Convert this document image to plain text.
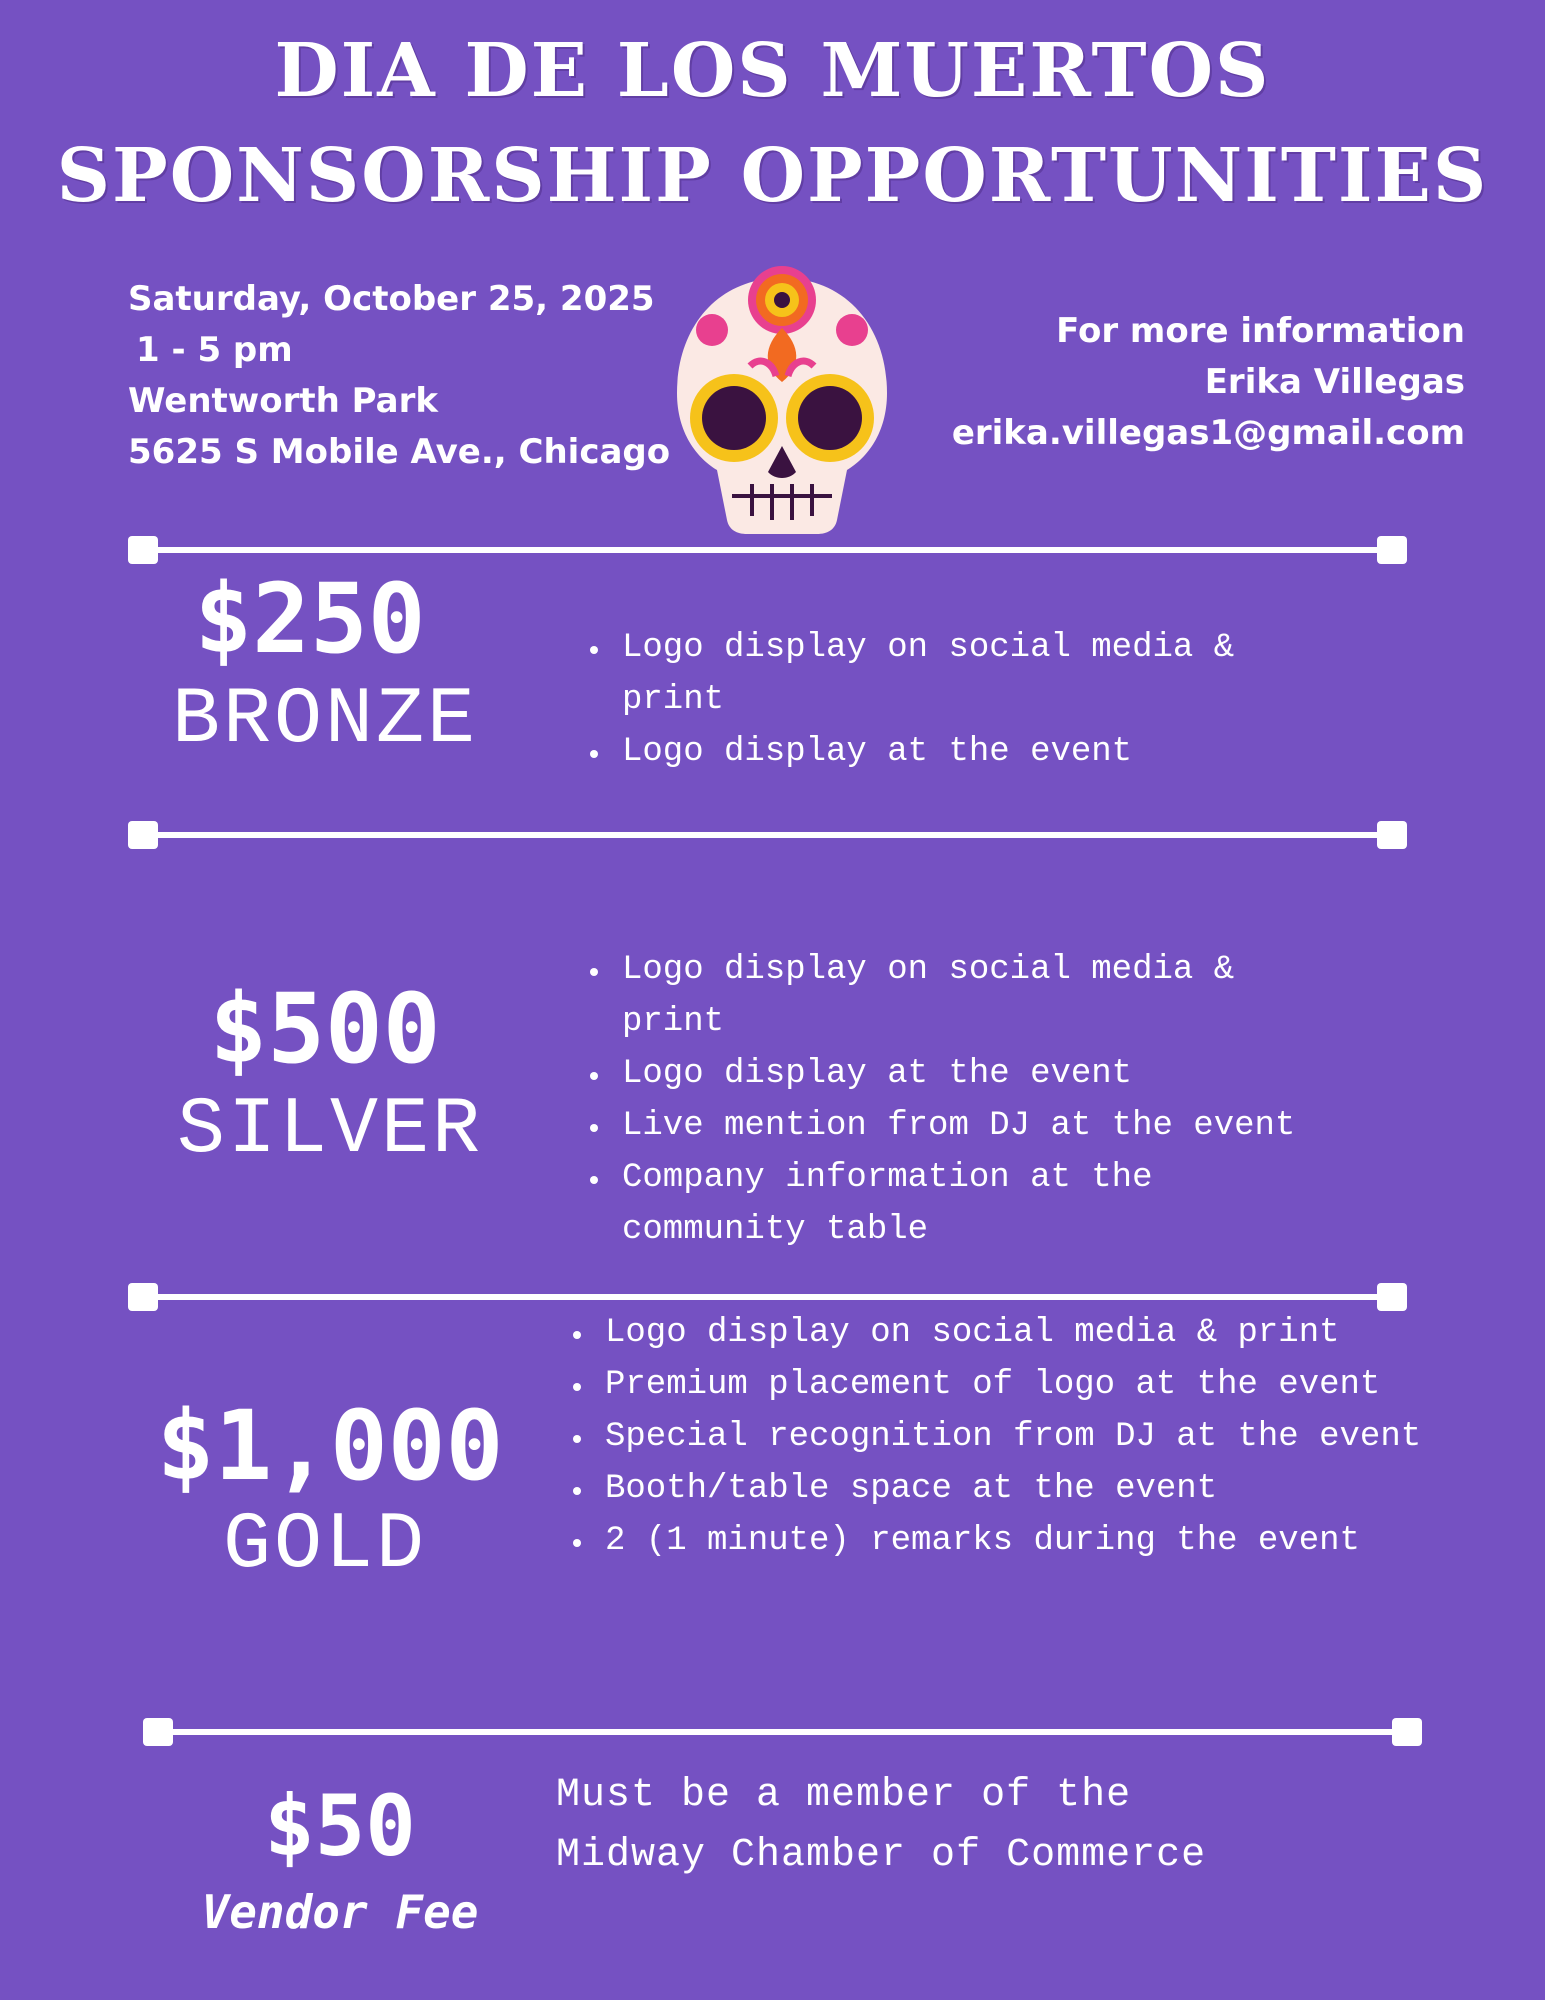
DIA DE LOS MUERTOS
SPONSORSHIP OPPORTUNITIES
Saturday, October 25, 2025
1 - 5 pm
Wentworth Park
5625 S Mobile Ave., Chicago
For more information
Erika Villegas
erika.villegas1@gmail.com
$250
BRONZE
Logo display on social media & print
Logo display at the event
$500
SILVER
Logo display on social media & print
Logo display at the event
Live mention from DJ at the event
Company information at the community table
$1,000
GOLD
Logo display on social media & print
Premium placement of logo at the event
Special recognition from DJ at the event
Booth/table space at the event
2 (1 minute) remarks during the event
$50
Vendor Fee
Must be a member of the
Midway Chamber of Commerce
